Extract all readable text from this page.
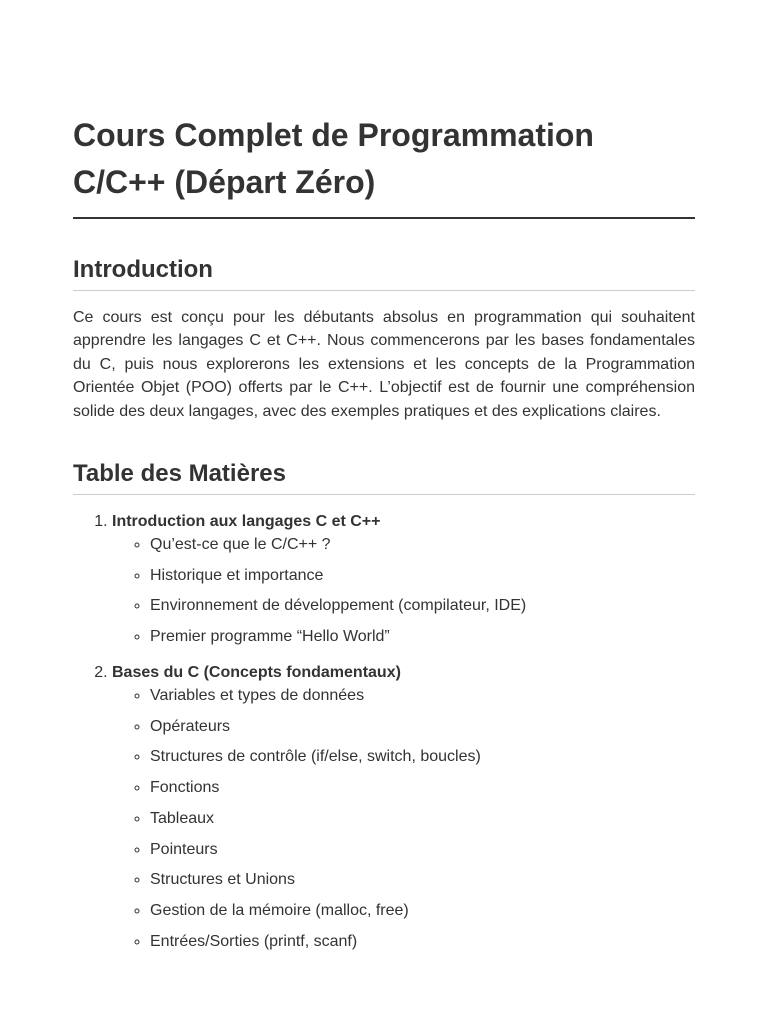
Cours Complet de Programmation C/C++ (Départ Zéro)
Introduction

Ce cours est conçu pour les débutants absolus en programmation qui souhaitent apprendre les langages C et C++. Nous commencerons par les bases fondamentales du C, puis nous explorerons les extensions et les concepts de la Programmation Orientée Objet (POO) offerts par le C++. L’objectif est de fournir une compréhension solide des deux langages, avec des exemples pratiques et des explications claires.

Table des Matières
1. Introduction aux langages C et C++
◦ Qu’est-ce que le C/C++ ?
◦ Historique et importance
◦ Environnement de développement (compilateur, IDE)
◦ Premier programme “Hello World”
2. Bases du C (Concepts fondamentaux)
◦ Variables et types de données
◦ Opérateurs
◦ Structures de contrôle (if/else, switch, boucles)
◦ Fonctions
◦ Tableaux
◦ Pointeurs
◦ Structures et Unions
◦ Gestion de la mémoire (malloc, free)
◦ Entrées/Sorties (printf, scanf)
